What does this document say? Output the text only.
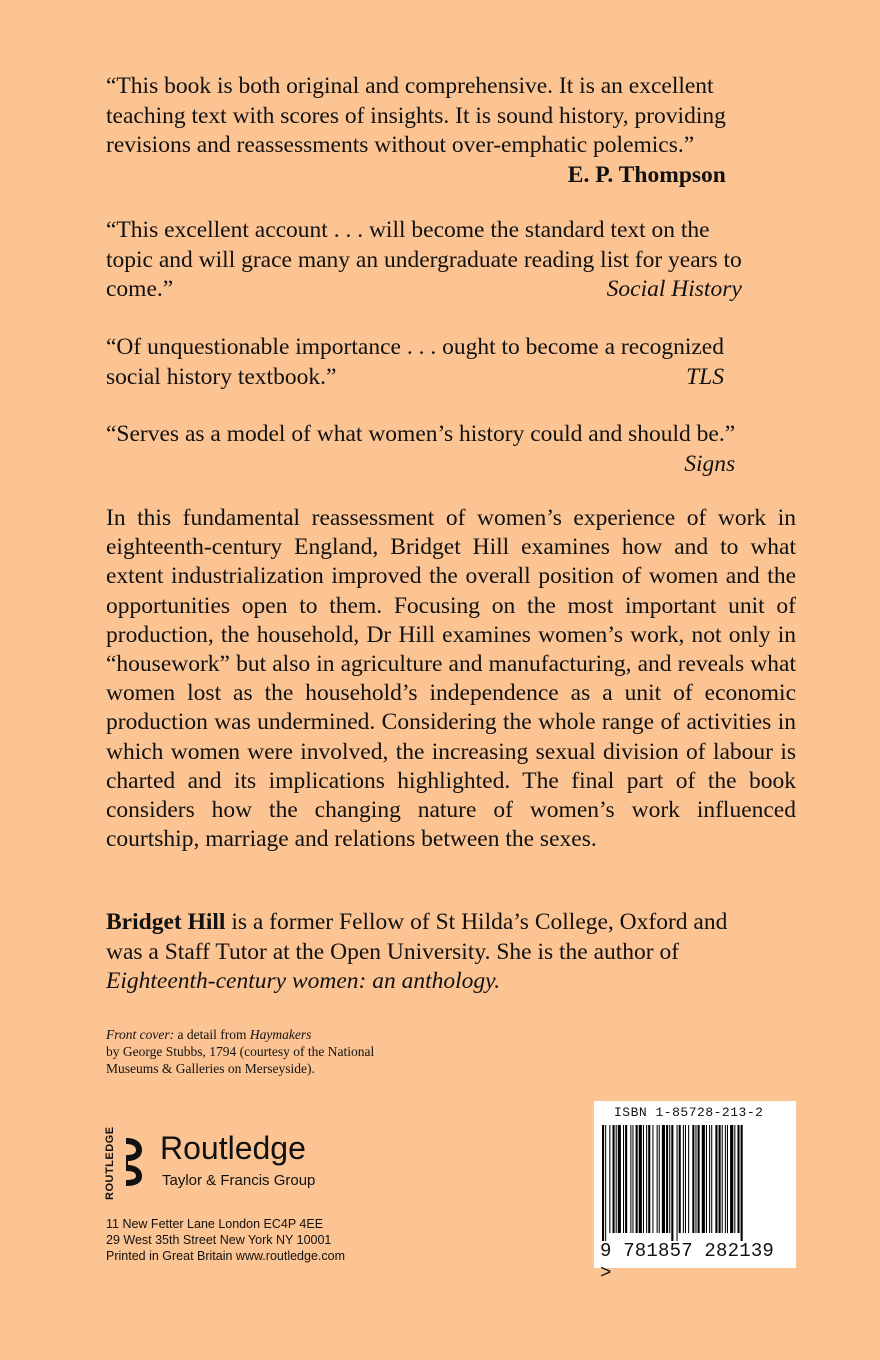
“This book is both original and comprehensive. It is an excellent
teaching text with scores of insights. It is sound history, providing
revisions and reassessments without over-emphatic polemics.”
E. P. Thompson
“This excellent account . . . will become the standard text on the
topic and will grace many an undergraduate reading list for years to
come.”	Social History
“Of unquestionable importance . . . ought to become a recognized
social history textbook.”	TLS
“Serves as a model of what women’s history could and should be.”
Signs

In this fundamental reassessment of women’s experience of work in eighteenth-century England, Bridget Hill examines how and to what extent industrialization improved the overall position of women and the opportunities open to them. Focusing on the most important unit of production, the household, Dr Hill examines women’s work, not only in “housework” but also in agriculture and manufacturing, and reveals what women lost as the household’s independence as a unit of economic production was undermined. Considering the whole range of activities in which women were involved, the increasing sexual division of labour is charted and its implications highlighted. The final part of the book considers how the changing nature of women’s work influenced courtship, marriage and relations between the sexes.

Bridget Hill is a former Fellow of St Hilda’s College, Oxford and
was a Staff Tutor at the Open University. She is the author of
Eighteenth-century women: an anthology.

Front cover: a detail from Haymakers
by George Stubbs, 1794 (courtesy of the National Museums & Galleries on Merseyside).
ROUTLEDGE Routledge
Taylor & Francis Group
11 New Fetter Lane London EC4P 4EE
29 West 35th Street New York NY 10001
Printed in Great Britain www.routledge.com
ISBN 1-85728-213-2
9 781857 282139 >
